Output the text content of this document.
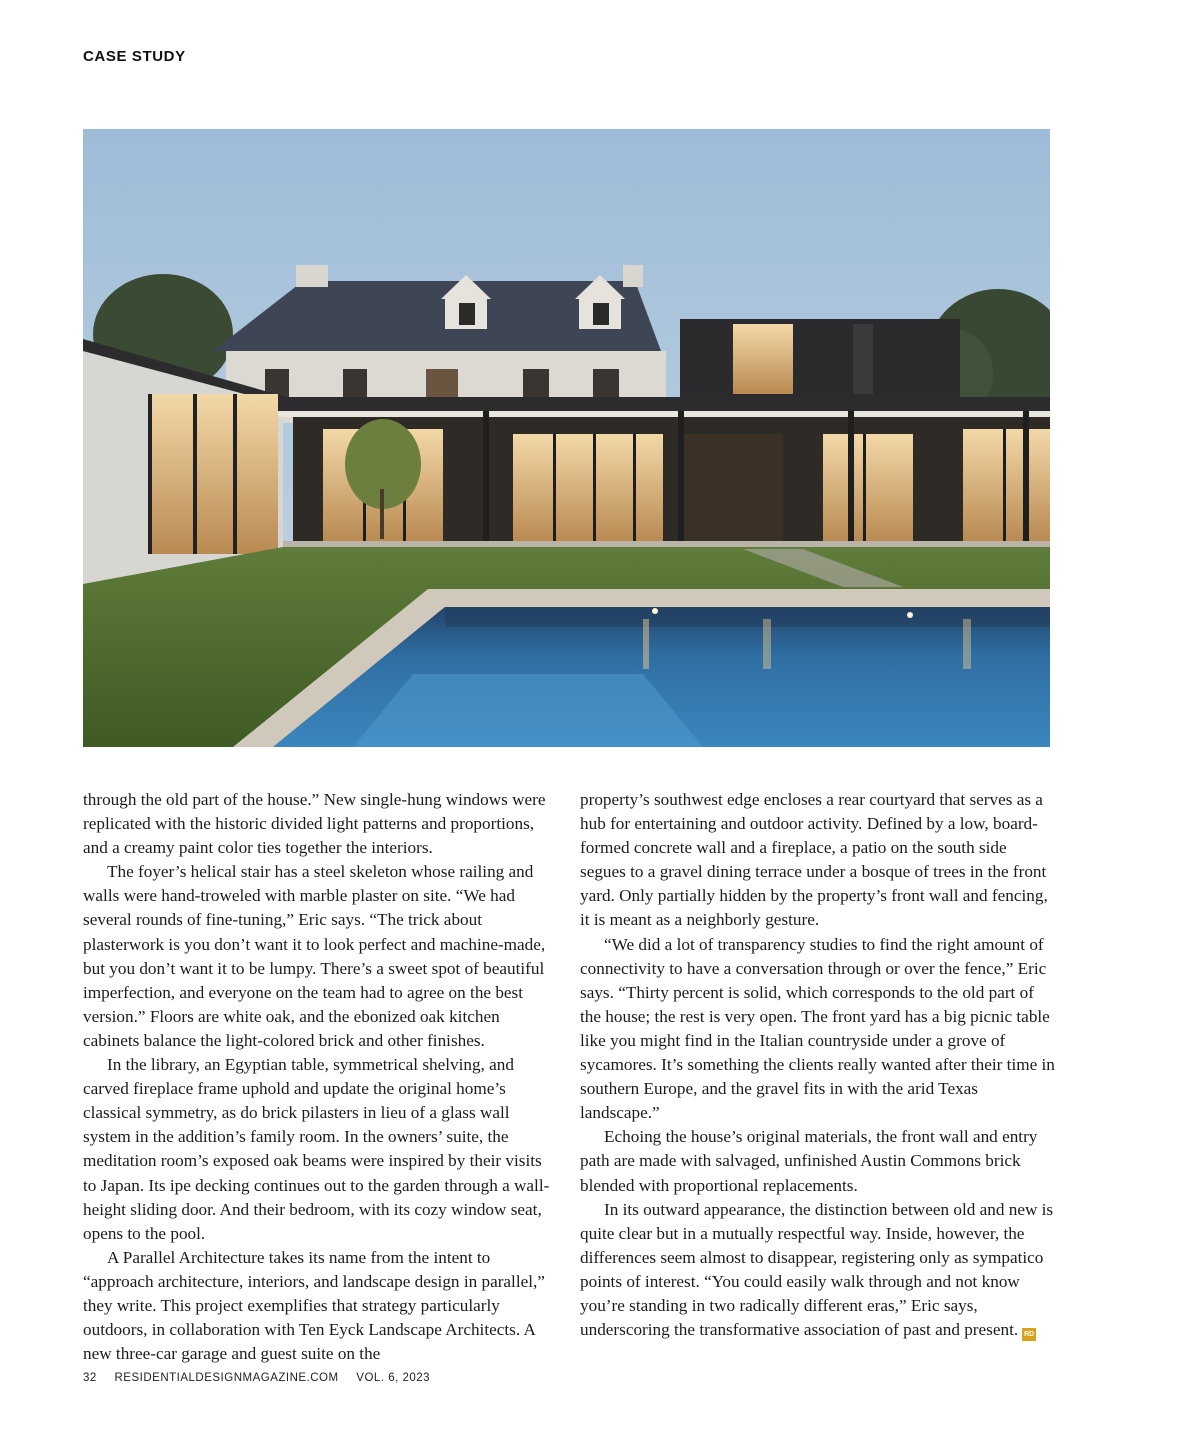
CASE STUDY

through the old part of the house.” New single-hung windows were replicated with the historic divided light patterns and proportions, and a creamy paint color ties together the interiors.

The foyer’s helical stair has a steel skeleton whose railing and walls were hand-troweled with marble plaster on site. “We had several rounds of fine-tuning,” Eric says. “The trick about plasterwork is you don’t want it to look perfect and machine-made, but you don’t want it to be lumpy. There’s a sweet spot of beautiful imperfection, and everyone on the team had to agree on the best version.” Floors are white oak, and the ebonized oak kitchen cabinets balance the light-colored brick and other finishes.

In the library, an Egyptian table, symmetrical shelving, and carved fireplace frame uphold and update the original home’s classical symmetry, as do brick pilasters in lieu of a glass wall system in the addition’s family room. In the owners’ suite, the meditation room’s exposed oak beams were inspired by their visits to Japan. Its ipe decking continues out to the garden through a wall-height sliding door. And their bedroom, with its cozy window seat, opens to the pool.

A Parallel Architecture takes its name from the intent to “approach architecture, interiors, and landscape design in parallel,” they write. This project exemplifies that strategy particularly outdoors, in collaboration with Ten Eyck Landscape Architects. A new three-car garage and guest suite on the

property’s southwest edge encloses a rear courtyard that serves as a hub for entertaining and outdoor activity. Defined by a low, board-formed concrete wall and a fireplace, a patio on the south side segues to a gravel dining terrace under a bosque of trees in the front yard. Only partially hidden by the property’s front wall and fencing, it is meant as a neighborly gesture.

“We did a lot of transparency studies to find the right amount of connectivity to have a conversation through or over the fence,” Eric says. “Thirty percent is solid, which corresponds to the old part of the house; the rest is very open. The front yard has a big picnic table like you might find in the Italian countryside under a grove of sycamores. It’s something the clients really wanted after their time in southern Europe, and the gravel fits in with the arid Texas landscape.”

Echoing the house’s original materials, the front wall and entry path are made with salvaged, unfinished Austin Commons brick blended with proportional replacements.

In its outward appearance, the distinction between old and new is quite clear but in a mutually respectful way. Inside, however, the differences seem almost to disappear, registering only as sympatico points of interest. “You could easily walk through and not know you’re standing in two radically different eras,” Eric says, underscoring the transformative association of past and present. RD

32 RESIDENTIALDESIGNMAGAZINE.COM VOL. 6, 2023
